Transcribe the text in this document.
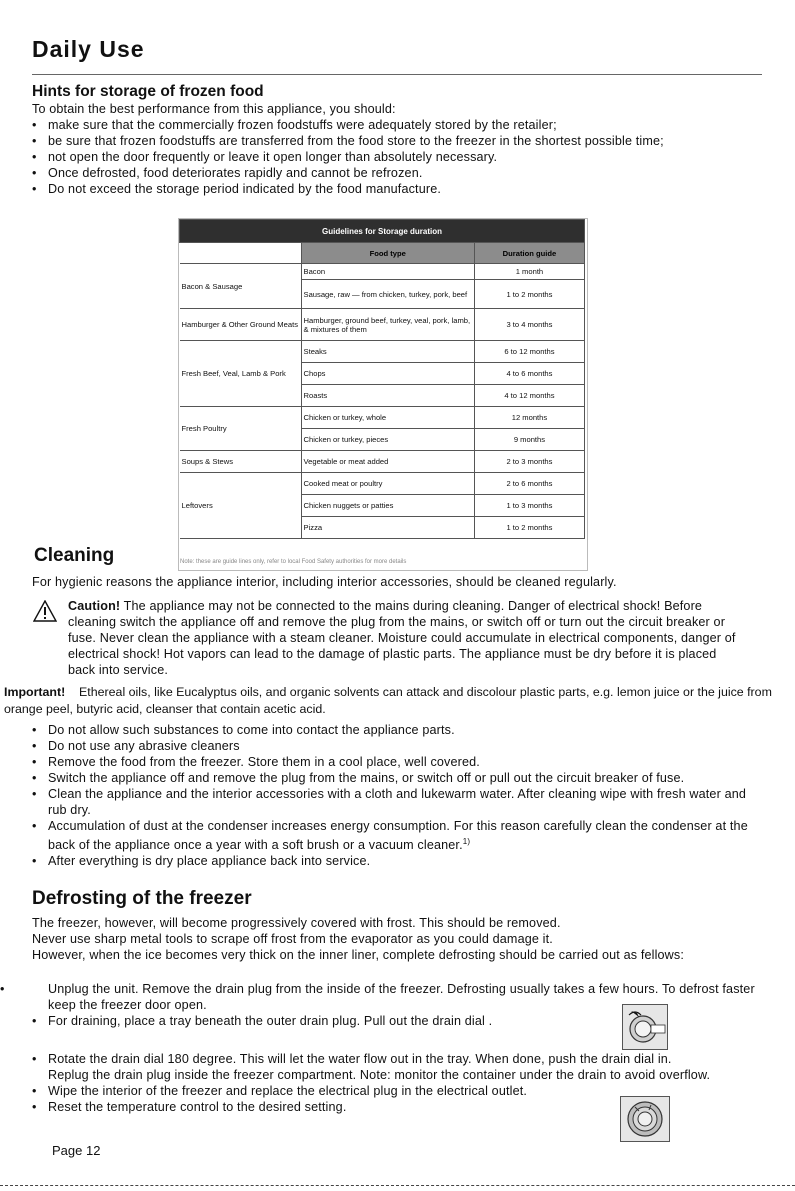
Daily Use
Hints for storage of frozen food
To obtain the best performance from this appliance, you should:
• make sure that the commercially frozen foodstuffs were adequately stored by the retailer;
• be sure that frozen foodstuffs are transferred from the food store to the freezer in the shortest possible time;
• not open the door frequently or leave it open longer than absolutely necessary.
• Once defrosted, food deteriorates rapidly and cannot be refrozen.
• Do not exceed the storage period indicated by the food manufacture.
Guidelines for Storage duration		
	Food type	Duration guide
Bacon & Sausage	Bacon	1 month
	Sausage, raw — from chicken, turkey, pork, beef	1 to 2 months
Hamburger & Other Ground Meats	Hamburger, ground beef, turkey, veal, pork, lamb, & mixtures of them	3 to 4 months
Fresh Beef, Veal, Lamb & Pork	Steaks	6 to 12 months
	Chops	4 to 6 months
	Roasts	4 to 12 months
Fresh Poultry	Chicken or turkey, whole	12 months
	Chicken or turkey, pieces	9 months
Soups & Stews	Vegetable or meat added	2 to 3 months
Leftovers	Cooked meat or poultry	2 to 6 months
	Chicken nuggets or patties	1 to 3 months
	Pizza	1 to 2 months
Note: these are guide lines only, refer to local Food Safety authorities for more details
Cleaning
For hygienic reasons the appliance interior, including interior accessories, should be cleaned regularly.
Caution! The appliance may not be connected to the mains during cleaning. Danger of electrical shock! Before cleaning switch the appliance off and remove the plug from the mains, or switch off or turn out the circuit breaker or fuse. Never clean the appliance with a steam cleaner. Moisture could accumulate in electrical components, danger of electrical shock! Hot vapors can lead to the damage of plastic parts. The appliance must be dry before it is placed back into service.
Important! Ethereal oils, like Eucalyptus oils, and organic solvents can attack and discolour plastic parts, e.g. lemon juice or the juice from orange peel, butyric acid, cleanser that contain acetic acid.
• Do not allow such substances to come into contact the appliance parts.
• Do not use any abrasive cleaners
• Remove the food from the freezer. Store them in a cool place, well covered.
• Switch the appliance off and remove the plug from the mains, or switch off or pull out the circuit breaker of fuse.
• Clean the appliance and the interior accessories with a cloth and lukewarm water. After cleaning wipe with fresh water and rub dry.
• Accumulation of dust at the condenser increases energy consumption. For this reason carefully clean the condenser at the back of the appliance once a year with a soft brush or a vacuum cleaner.$^{1)}$
• After everything is dry place appliance back into service.
Defrosting of the freezer
The freezer, however, will become progressively covered with frost. This should be removed.
Never use sharp metal tools to scrape off frost from the evaporator as you could damage it.
However, when the ice becomes very thick on the inner liner, complete defrosting should be carried out as fellows:
• Unplug the unit. Remove the drain plug from the inside of the freezer. Defrosting usually takes a few hours. To defrost faster keep the freezer door open.
• For draining, place a tray beneath the outer drain plug. Pull out the drain dial .
• Rotate the drain dial 180 degree. This will let the water flow out in the tray. When done, push the drain dial in. Replug the drain plug inside the freezer compartment. Note: monitor the container under the drain to avoid overflow.
• Wipe the interior of the freezer and replace the electrical plug in the electrical outlet.
• Reset the temperature control to the desired setting.
Page 12
